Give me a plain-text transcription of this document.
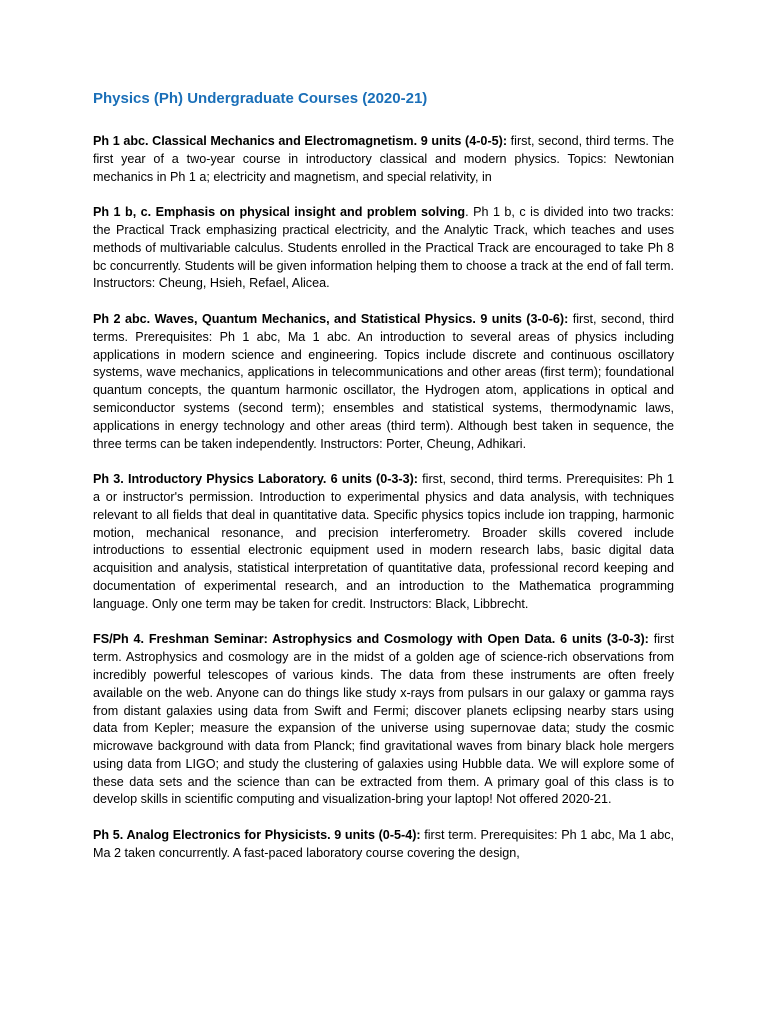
Physics (Ph) Undergraduate Courses (2020-21)

Ph 1 abc. Classical Mechanics and Electromagnetism. 9 units (4-0-5): first, second, third terms. The first year of a two-year course in introductory classical and modern physics. Topics: Newtonian mechanics in Ph 1 a; electricity and magnetism, and special relativity, in

Ph 1 b, c. Emphasis on physical insight and problem solving. Ph 1 b, c is divided into two tracks: the Practical Track emphasizing practical electricity, and the Analytic Track, which teaches and uses methods of multivariable calculus. Students enrolled in the Practical Track are encouraged to take Ph 8 bc concurrently. Students will be given information helping them to choose a track at the end of fall term. Instructors: Cheung, Hsieh, Refael, Alicea.

Ph 2 abc. Waves, Quantum Mechanics, and Statistical Physics. 9 units (3-0-6): first, second, third terms. Prerequisites: Ph 1 abc, Ma 1 abc. An introduction to several areas of physics including applications in modern science and engineering. Topics include discrete and continuous oscillatory systems, wave mechanics, applications in telecommunications and other areas (first term); foundational quantum concepts, the quantum harmonic oscillator, the Hydrogen atom, applications in optical and semiconductor systems (second term); ensembles and statistical systems, thermodynamic laws, applications in energy technology and other areas (third term). Although best taken in sequence, the three terms can be taken independently. Instructors: Porter, Cheung, Adhikari.

Ph 3. Introductory Physics Laboratory. 6 units (0-3-3): first, second, third terms. Prerequisites: Ph 1 a or instructor's permission. Introduction to experimental physics and data analysis, with techniques relevant to all fields that deal in quantitative data. Specific physics topics include ion trapping, harmonic motion, mechanical resonance, and precision interferometry. Broader skills covered include introductions to essential electronic equipment used in modern research labs, basic digital data acquisition and analysis, statistical interpretation of quantitative data, professional record keeping and documentation of experimental research, and an introduction to the Mathematica programming language. Only one term may be taken for credit. Instructors: Black, Libbrecht.

FS/Ph 4. Freshman Seminar: Astrophysics and Cosmology with Open Data. 6 units (3-0-3): first term. Astrophysics and cosmology are in the midst of a golden age of science-rich observations from incredibly powerful telescopes of various kinds. The data from these instruments are often freely available on the web. Anyone can do things like study x-rays from pulsars in our galaxy or gamma rays from distant galaxies using data from Swift and Fermi; discover planets eclipsing nearby stars using data from Kepler; measure the expansion of the universe using supernovae data; study the cosmic microwave background with data from Planck; find gravitational waves from binary black hole mergers using data from LIGO; and study the clustering of galaxies using Hubble data. We will explore some of these data sets and the science than can be extracted from them. A primary goal of this class is to develop skills in scientific computing and visualization-bring your laptop! Not offered 2020-21.

Ph 5. Analog Electronics for Physicists. 9 units (0-5-4): first term. Prerequisites: Ph 1 abc, Ma 1 abc, Ma 2 taken concurrently. A fast-paced laboratory course covering the design,
